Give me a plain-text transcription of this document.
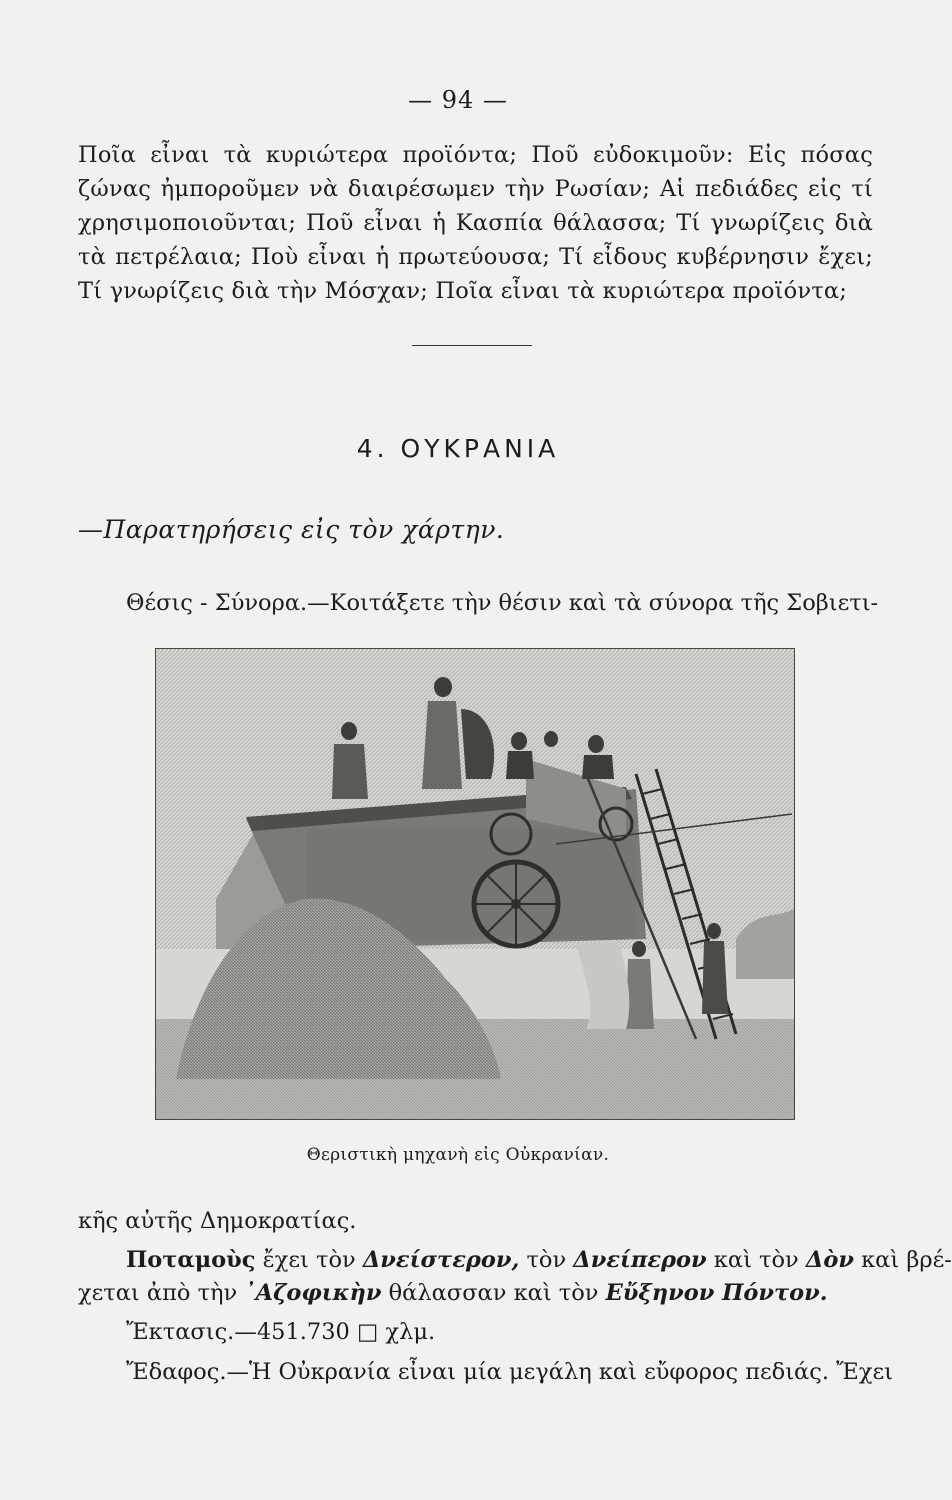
— 94 —
Ποῖα εἶναι τὰ κυριώτερα προϊόντα; Ποῦ εὐδοκιμοῦν: Εἰς πόσας ζώνας ἠμποροῦμεν νὰ διαιρέσωμεν τὴν Ρωσίαν; Αἱ πεδιάδες εἰς τί χρησιμοποιοῦνται; Ποῦ εἶναι ἡ Κασπία θάλασσα; Τί γνωρίζεις διὰ τὰ πετρέλαια; Ποὺ εἶναι ἡ πρωτεύουσα; Τί εἶδους κυβέρνησιν ἔχει; Τί γνωρίζεις διὰ τὴν Μόσχαν; Ποῖα εἶναι τὰ κυριώτερα προϊόντα;
4. ΟΥΚΡΑΝΙΑ
—Παρατηρήσεις εἰς τὸν χάρτην.
Θέσις - Σύνορα.—Κοιτάξετε τὴν θέσιν καὶ τὰ σύνορα τῆς Σοβιετι-
Θεριστικὴ μηχανὴ εἰς Οὐκρανίαν.
κῆς αὐτῆς Δημοκρατίας.
Ποταμοὺς ἔχει τὸν Δνείστερον, τὸν Δνείπερον καὶ τὸν Δὸν καὶ βρέ-
χεται ἀπὸ τὴν ᾿Αζοφικὴν θάλασσαν καὶ τὸν Εὔξηνον Πόντον.
Ἔκτασις.—451.730 □ χλμ.
Ἔδαφος.—Ἡ Οὐκρανία εἶναι μία μεγάλη καὶ εὔφορος πεδιάς. Ἔχει
